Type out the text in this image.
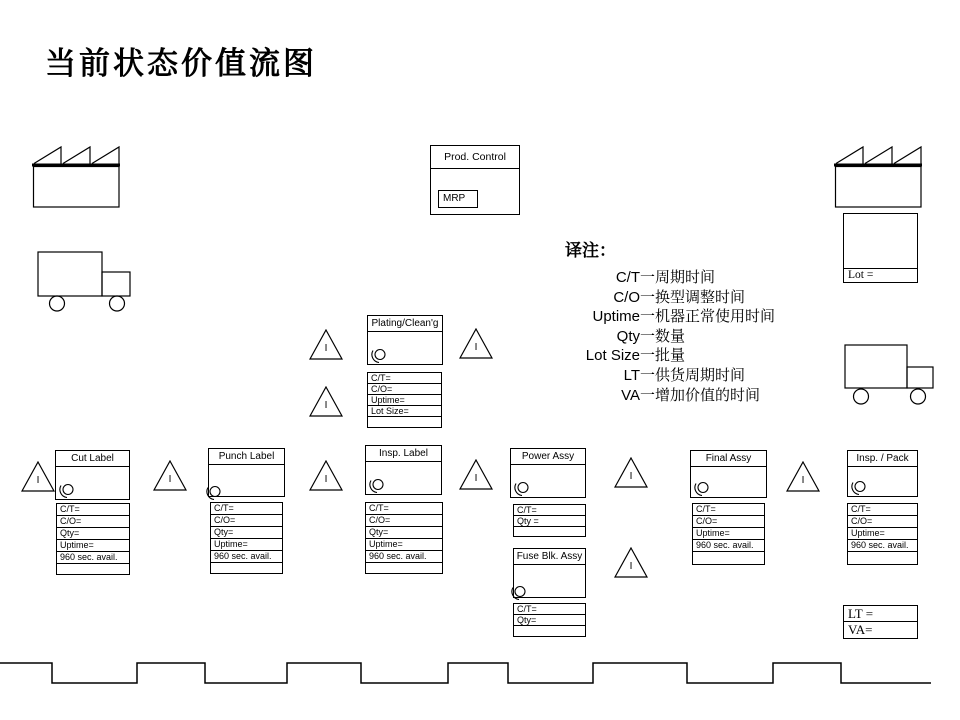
当前状态价值流图
Prod. Control
MRP
Lot =
译注：
C/T 一周期时间
C/O 一换型调整时间
Uptime 一机器正常使用时间
Qty 一数量
Lot Size 一批量
LT 一供货周期时间
VA 一增加价值的时间
Plating/Clean'g
C/T=
C/O=
Uptime=
Lot Size=
Cut Label
C/T=
C/O=
Qty=
Uptime=
960 sec. avail.
Punch Label
C/T=
C/O=
Qty=
Uptime=
960 sec. avail.
Insp. Label
C/T=
C/O=
Qty=
Uptime=
960 sec. avail.
Power Assy
C/T=
Qty =
Fuse Blk. Assy
C/T=
Qty=
Final Assy
C/T=
C/O=
Uptime=
960 sec. avail.
Insp. / Pack
C/T=
C/O=
Uptime=
960 sec. avail.
I	I
I
I	I	I	I	I	I
I
LT =
VA=
